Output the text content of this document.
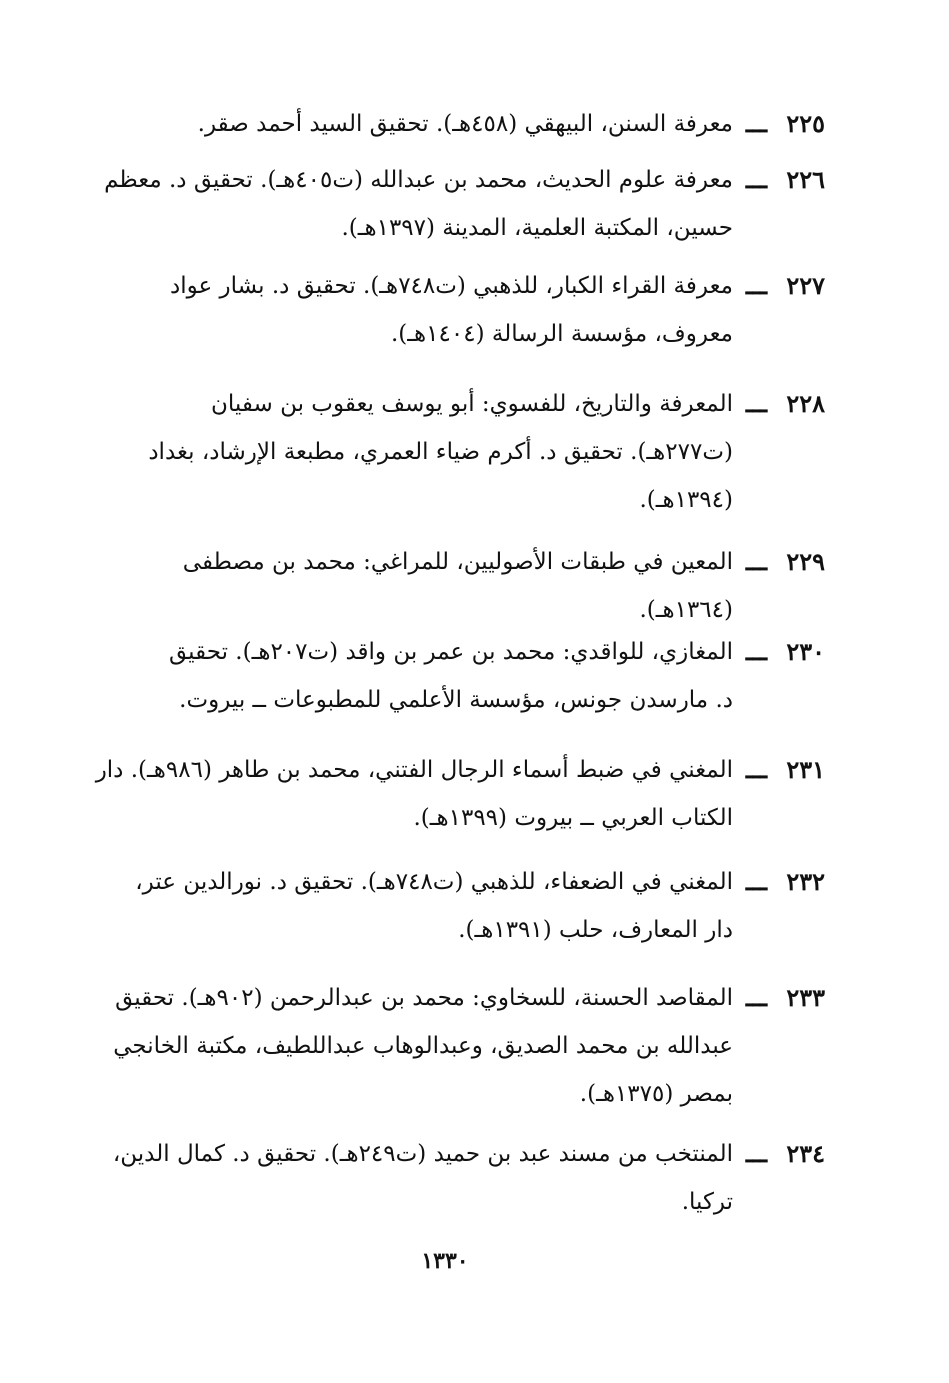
٢٢٥
ـــ
معرفة السنن، البيهقي (٤٥٨هـ). تحقيق السيد أحمد صقر.
٢٢٦
ـــ
معرفة علوم الحديث، محمد بن عبدالله (ت٤٠٥هـ). تحقيق د. معظم
حسين، المكتبة العلمية، المدينة (١٣٩٧هـ).
٢٢٧
ـــ
معرفة القراء الكبار، للذهبي (ت٧٤٨هـ). تحقيق د. بشار عواد
معروف، مؤسسة الرسالة (١٤٠٤هـ).
٢٢٨
ـــ
المعرفة والتاريخ، للفسوي: أبو يوسف يعقوب بن سفيان
(ت٢٧٧هـ). تحقيق د. أكرم ضياء العمري، مطبعة الإرشاد، بغداد
(١٣٩٤هـ).
٢٢٩
ـــ
المعين في طبقات الأصوليين، للمراغي: محمد بن مصطفى
(١٣٦٤هـ).
٢٣٠
ـــ
المغازي، للواقدي: محمد بن عمر بن واقد (ت٢٠٧هـ). تحقيق
د. مارسدن جونس، مؤسسة الأعلمي للمطبوعات ــ بيروت.
٢٣١
ـــ
المغني في ضبط أسماء الرجال الفتني، محمد بن طاهر (٩٨٦هـ). دار
الكتاب العربي ــ بيروت (١٣٩٩هـ).
٢٣٢
ـــ
المغني في الضعفاء، للذهبي (ت٧٤٨هـ). تحقيق د. نورالدين عتر،
دار المعارف، حلب (١٣٩١هـ).
٢٣٣
ـــ
المقاصد الحسنة، للسخاوي: محمد بن عبدالرحمن (٩٠٢هـ). تحقيق
عبدالله بن محمد الصديق، وعبدالوهاب عبداللطيف، مكتبة الخانجي
بمصر (١٣٧٥هـ).
٢٣٤
ـــ
المنتخب من مسند عبد بن حميد (ت٢٤٩هـ). تحقيق د. كمال الدين،
تركيا.
١٣٣٠
